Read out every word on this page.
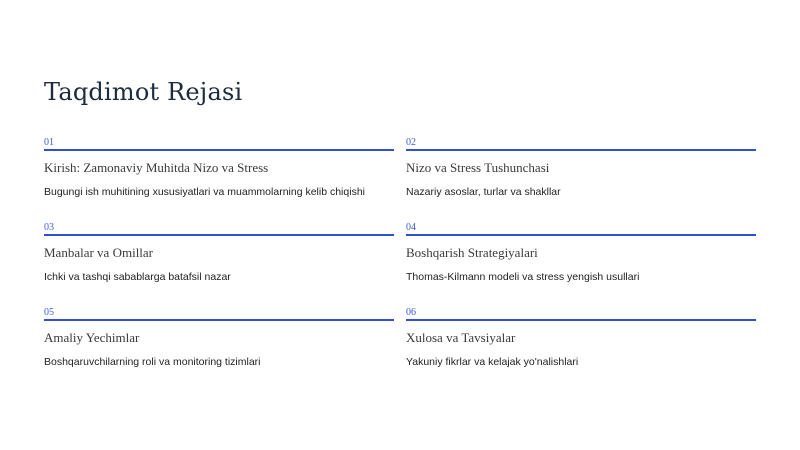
Taqdimot Rejasi
01
Kirish: Zamonaviy Muhitda Nizo va Stress
Bugungi ish muhitining xususiyatlari va muammolarning kelib chiqishi
02
Nizo va Stress Tushunchasi
Nazariy asoslar, turlar va shakllar
03
Manbalar va Omillar
Ichki va tashqi sabablarga batafsil nazar
04
Boshqarish Strategiyalari
Thomas-Kilmann modeli va stress yengish usullari
05
Amaliy Yechimlar
Boshqaruvchilarning roli va monitoring tizimlari
06
Xulosa va Tavsiyalar
Yakuniy fikrlar va kelajak yo'nalishlari
